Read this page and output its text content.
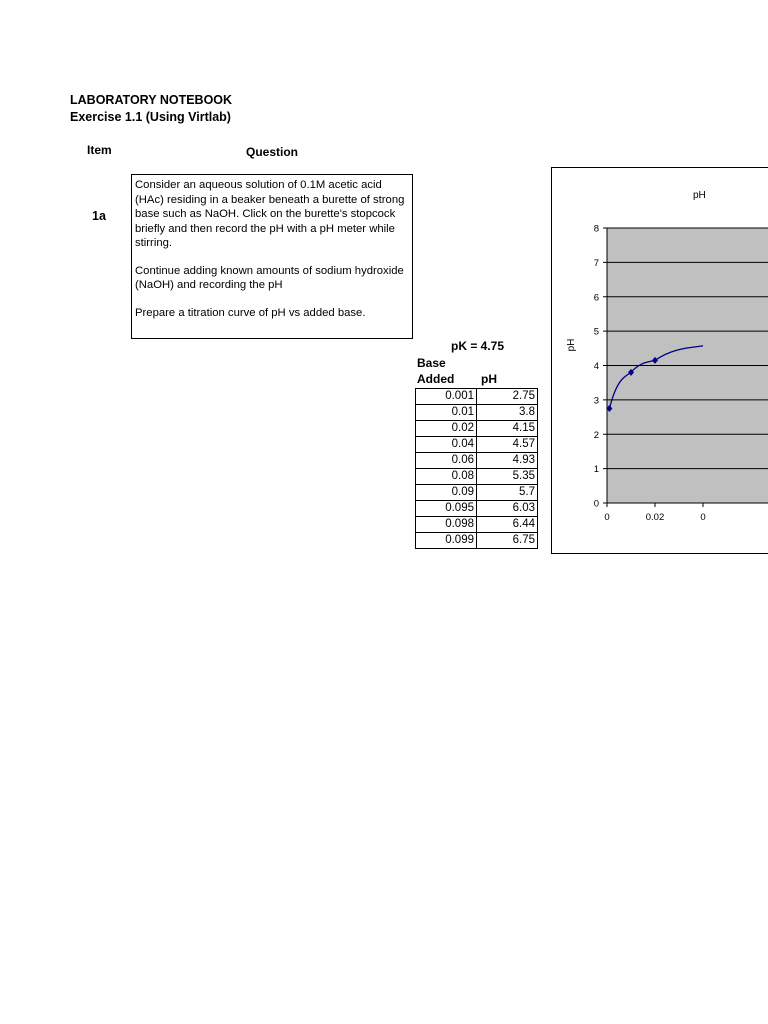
LABORATORY NOTEBOOK
Exercise 1.1 (Using Virtlab)
Item	Question
1a

Consider an aqueous solution of 0.1M acetic acid (HAc) residing in a beaker beneath a burette of strong base such as NaOH. Click on the burette's stopcock briefly and then record the pH with a pH meter while stirring.

Continue adding known amounts of sodium hydroxide (NaOH) and recording the pH

Prepare a titration curve of pH vs added base.

pK = 4.75
Base
Added pH
0.001	2.75
0.01	3.8
0.02	4.15
0.04	4.57
0.06	4.93
0.08	5.35
0.09	5.7
0.095	6.03
0.098	6.44
0.099	6.75
0
1
2
3
4
5
6
7
8
0	0.02	0
pH
pH
